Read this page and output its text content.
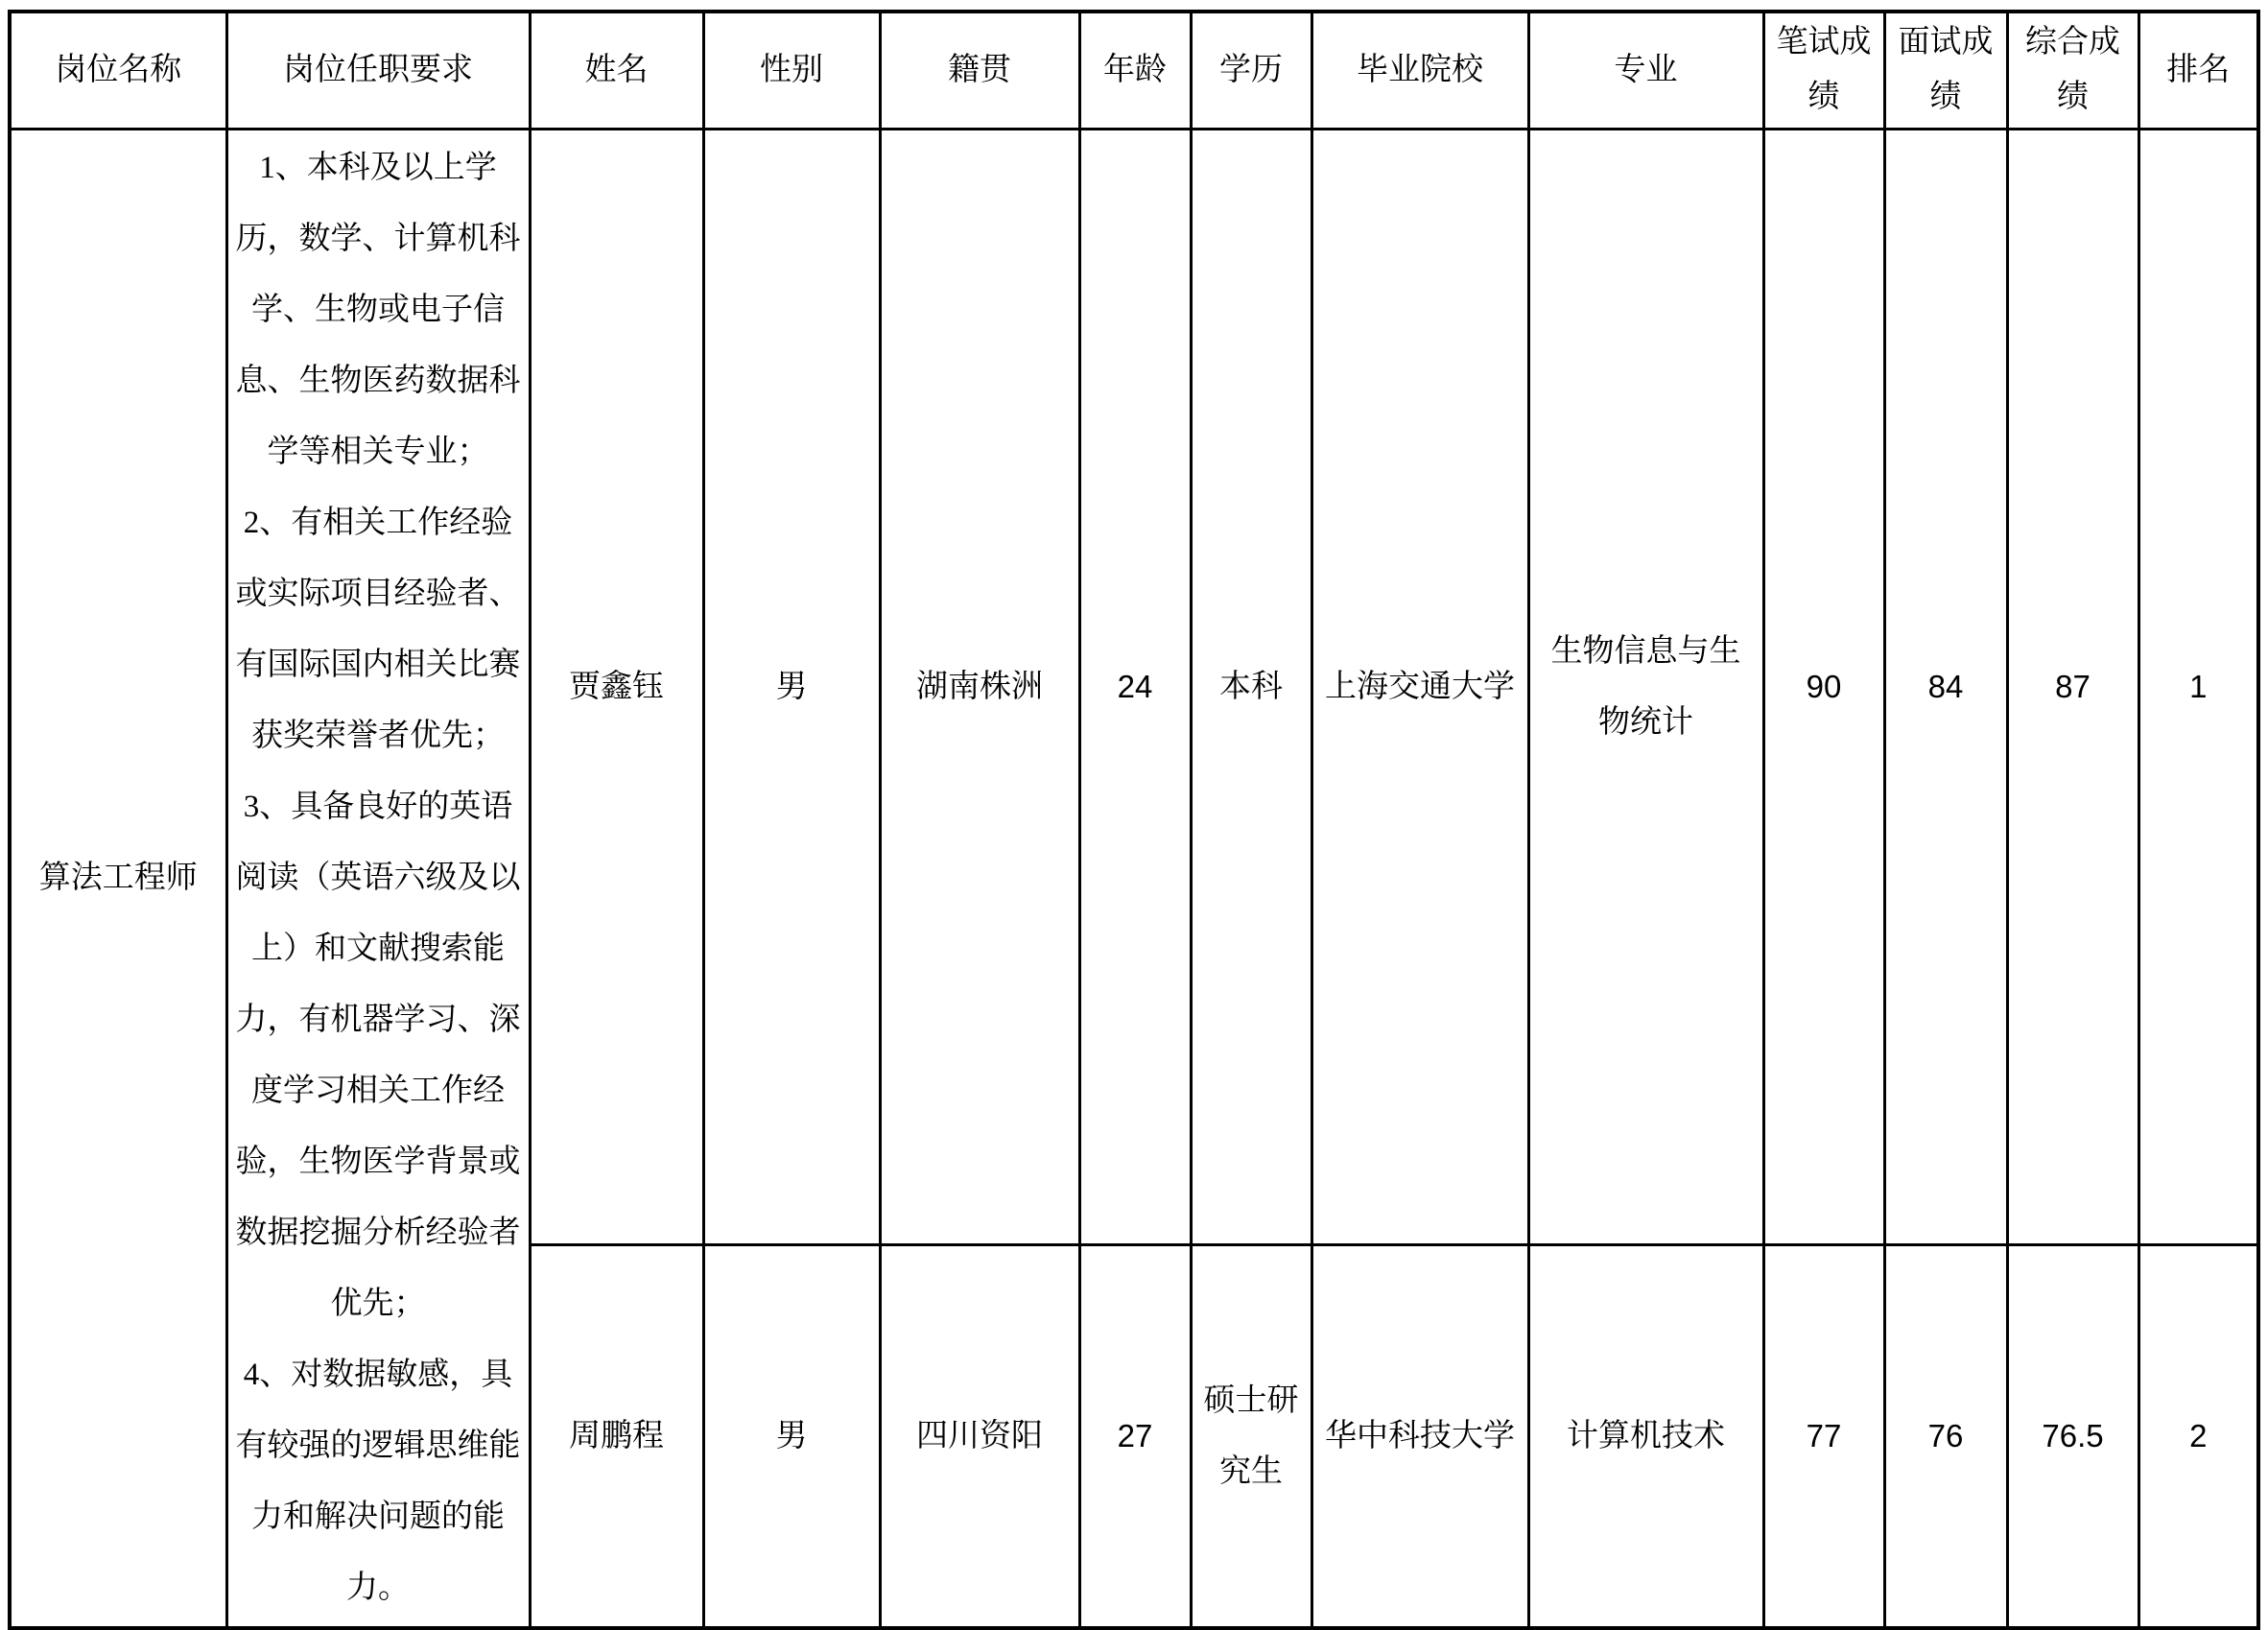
岗位名称	岗位任职要求	姓名	性别	籍贯	年龄	学历	毕业院校	专业	笔试成绩	面试成绩	综合成绩	排名
算法工程师	1、本科及以上学历，数学、计算机科学、生物或电子信息、生物医药数据科学等相关专业；
2、有相关工作经验或实际项目经验者、有国际国内相关比赛获奖荣誉者优先；
3、具备良好的英语阅读（英语六级及以上）和文献搜索能力，有机器学习、深度学习相关工作经验，生物医学背景或数据挖掘分析经验者优先；
4、对数据敏感，具有较强的逻辑思维能力和解决问题的能力。	贾鑫钰	男	湖南株洲	24	本科	上海交通大学	生物信息与生物统计	90	84	87	1
		周鹏程	男	四川资阳	27	硕士研究生	华中科技大学	计算机技术	77	76	76.5	2
